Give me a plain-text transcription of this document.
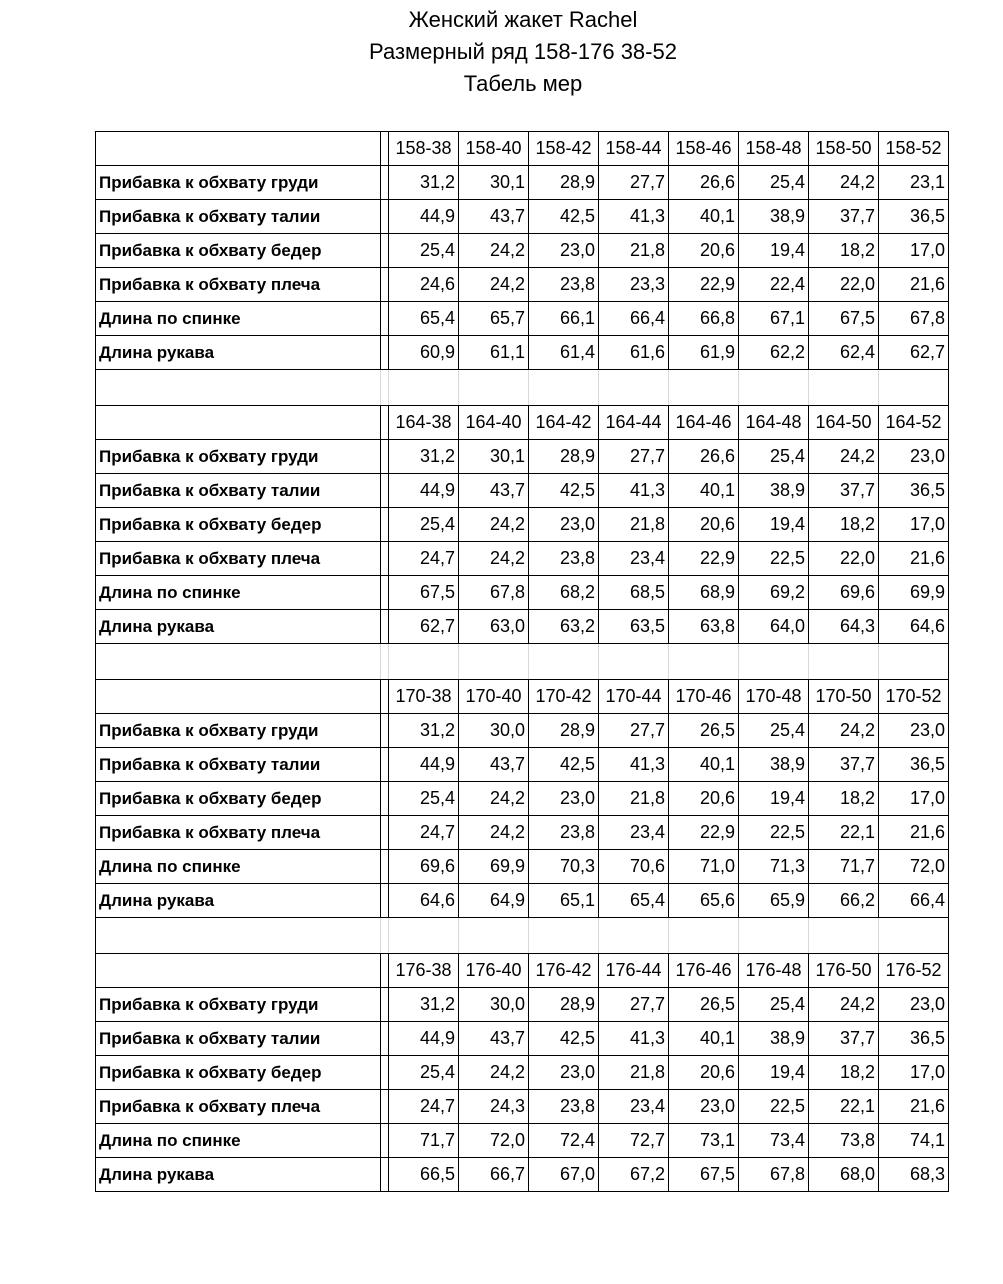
Женский жакет Rachel
Размерный ряд 158-176 38-52
Табель мер
		158-38	158-40	158-42	158-44	158-46	158-48	158-50	158-52
Прибавка к обхвату груди		31,2	30,1	28,9	27,7	26,6	25,4	24,2	23,1
Прибавка к обхвату талии		44,9	43,7	42,5	41,3	40,1	38,9	37,7	36,5
Прибавка к обхвату бедер		25,4	24,2	23,0	21,8	20,6	19,4	18,2	17,0
Прибавка к обхвату плеча		24,6	24,2	23,8	23,3	22,9	22,4	22,0	21,6
Длина по спинке		65,4	65,7	66,1	66,4	66,8	67,1	67,5	67,8
Длина рукава		60,9	61,1	61,4	61,6	61,9	62,2	62,4	62,7

		164-38	164-40	164-42	164-44	164-46	164-48	164-50	164-52
Прибавка к обхвату груди		31,2	30,1	28,9	27,7	26,6	25,4	24,2	23,0
Прибавка к обхвату талии		44,9	43,7	42,5	41,3	40,1	38,9	37,7	36,5
Прибавка к обхвату бедер		25,4	24,2	23,0	21,8	20,6	19,4	18,2	17,0
Прибавка к обхвату плеча		24,7	24,2	23,8	23,4	22,9	22,5	22,0	21,6
Длина по спинке		67,5	67,8	68,2	68,5	68,9	69,2	69,6	69,9
Длина рукава		62,7	63,0	63,2	63,5	63,8	64,0	64,3	64,6

		170-38	170-40	170-42	170-44	170-46	170-48	170-50	170-52
Прибавка к обхвату груди		31,2	30,0	28,9	27,7	26,5	25,4	24,2	23,0
Прибавка к обхвату талии		44,9	43,7	42,5	41,3	40,1	38,9	37,7	36,5
Прибавка к обхвату бедер		25,4	24,2	23,0	21,8	20,6	19,4	18,2	17,0
Прибавка к обхвату плеча		24,7	24,2	23,8	23,4	22,9	22,5	22,1	21,6
Длина по спинке		69,6	69,9	70,3	70,6	71,0	71,3	71,7	72,0
Длина рукава		64,6	64,9	65,1	65,4	65,6	65,9	66,2	66,4

		176-38	176-40	176-42	176-44	176-46	176-48	176-50	176-52
Прибавка к обхвату груди		31,2	30,0	28,9	27,7	26,5	25,4	24,2	23,0
Прибавка к обхвату талии		44,9	43,7	42,5	41,3	40,1	38,9	37,7	36,5
Прибавка к обхвату бедер		25,4	24,2	23,0	21,8	20,6	19,4	18,2	17,0
Прибавка к обхвату плеча		24,7	24,3	23,8	23,4	23,0	22,5	22,1	21,6
Длина по спинке		71,7	72,0	72,4	72,7	73,1	73,4	73,8	74,1
Длина рукава		66,5	66,7	67,0	67,2	67,5	67,8	68,0	68,3
